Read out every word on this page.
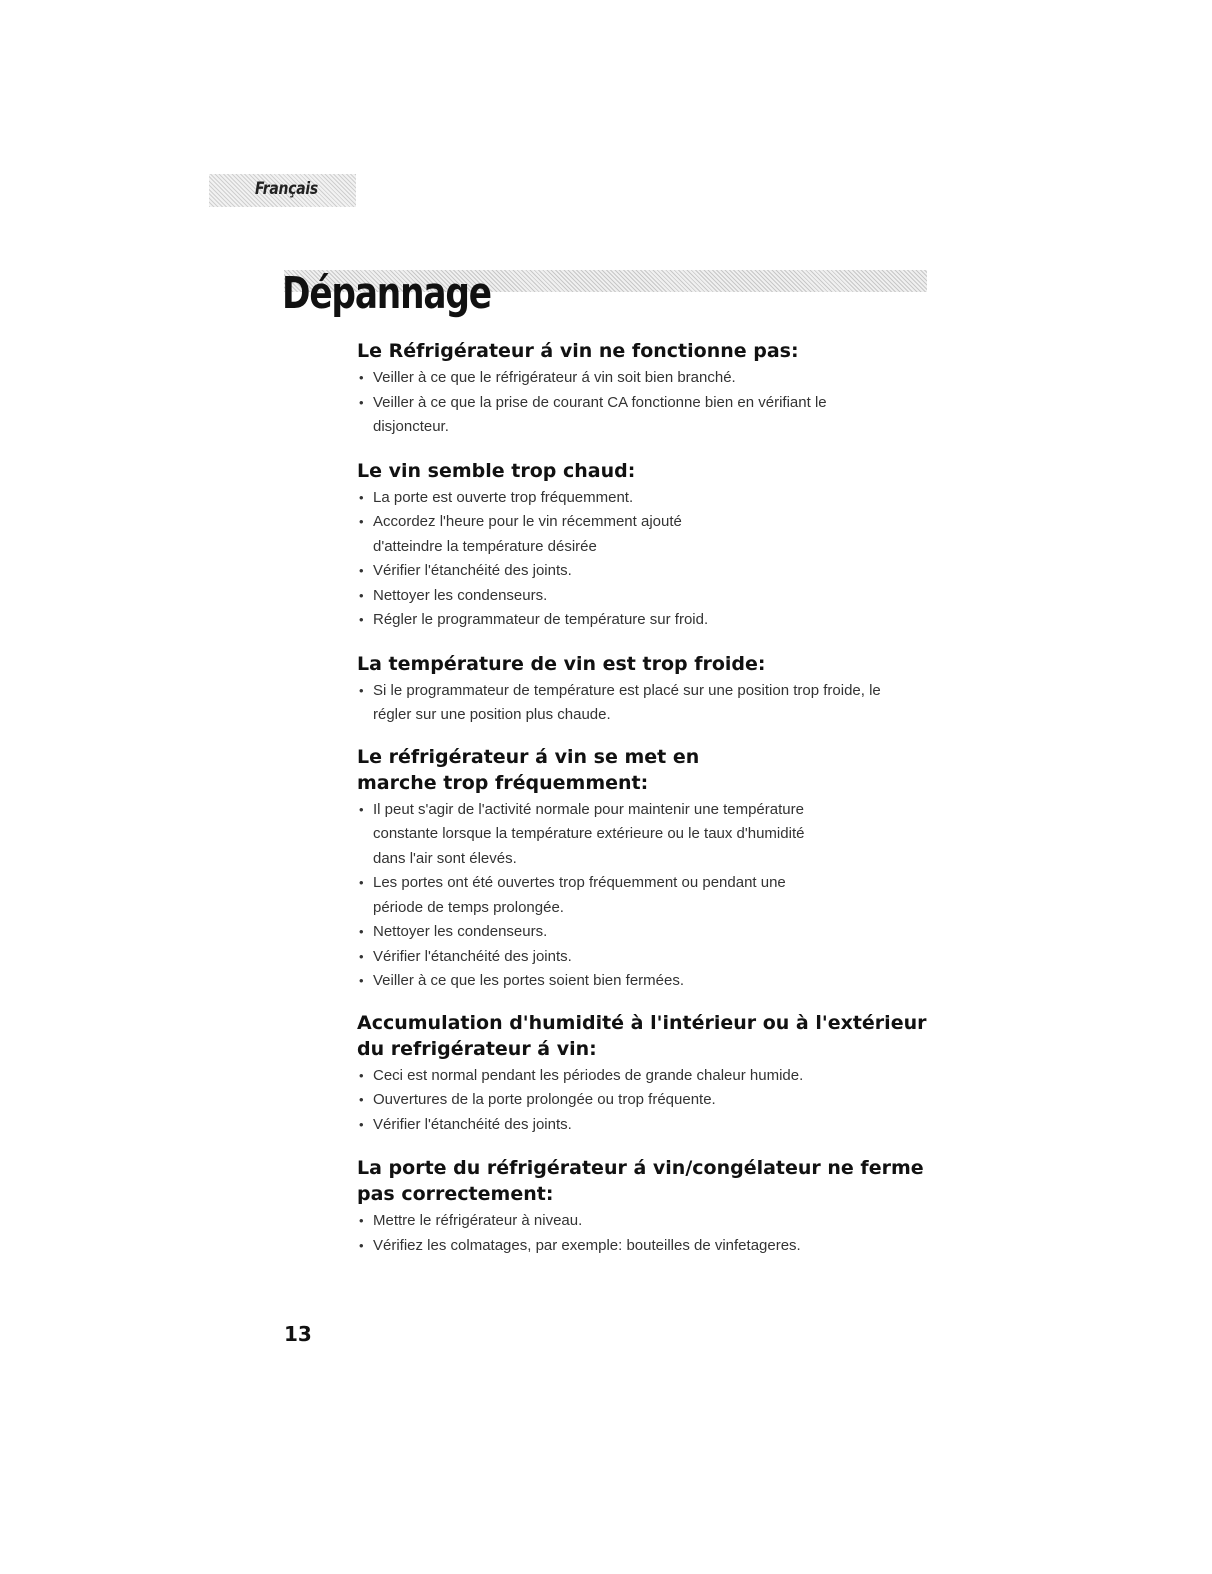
Français
Dépannage
Le Réfrigérateur á vin ne fonctionne pas:
• Veiller à ce que le réfrigérateur á vin soit bien branché.
• Veiller à ce que la prise de courant CA fonctionne bien en vérifiant le disjoncteur.
Le vin semble trop chaud:
• La porte est ouverte trop fréquemment.
• Accordez l'heure pour le vin récemment ajouté d'atteindre la température désirée
• Vérifier l'étanchéité des joints.
• Nettoyer les condenseurs.
• Régler le programmateur de température sur froid.
La température de vin est trop froide:
• Si le programmateur de température est placé sur une position trop froide, le régler sur une position plus chaude.
Le réfrigérateur á vin se met en marche trop fréquemment:
• Il peut s'agir de l'activité normale pour maintenir une température constante lorsque la température extérieure ou le taux d'humidité dans l'air sont élevés.
• Les portes ont été ouvertes trop fréquemment ou pendant une période de temps prolongée.
• Nettoyer les condenseurs.
• Vérifier l'étanchéité des joints.
• Veiller à ce que les portes soient bien fermées.
Accumulation d'humidité à l'intérieur ou à l'extérieur du refrigérateur á vin:
• Ceci est normal pendant les périodes de grande chaleur humide.
• Ouvertures de la porte prolongée ou trop fréquente.
• Vérifier l'étanchéité des joints.
La porte du réfrigérateur á vin/congélateur ne ferme pas correctement:
• Mettre le réfrigérateur à niveau.
• Vérifiez les colmatages, par exemple: bouteilles de vinfetageres.
13
